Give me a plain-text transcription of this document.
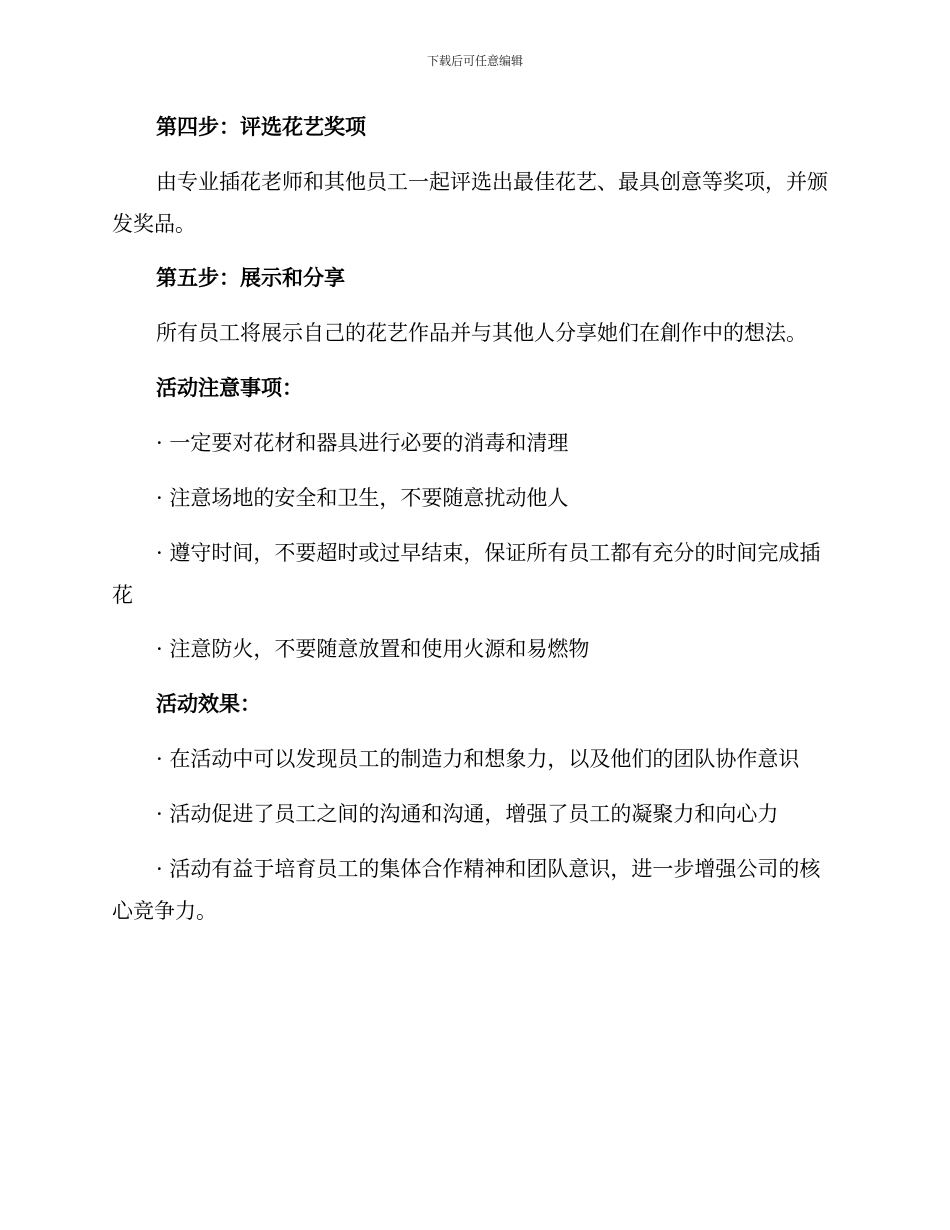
下载后可任意编辑
第四步：评选花艺奖项
由专业插花老师和其他员工一起评选出最佳花艺、最具创意等奖项，并颁发奖品。
第五步：展示和分享
所有员工将展示自己的花艺作品并与其他人分享她们在創作中的想法。
活动注意事项：
· 一定要对花材和器具进行必要的消毒和清理
· 注意场地的安全和卫生，不要随意扰动他人
· 遵守时间，不要超时或过早结束，保证所有员工都有充分的时间完成插花
· 注意防火，不要随意放置和使用火源和易燃物
活动效果：
· 在活动中可以发现员工的制造力和想象力，以及他们的团队协作意识
· 活动促进了员工之间的沟通和沟通，增强了员工的凝聚力和向心力
· 活动有益于培育员工的集体合作精神和团队意识，进一步增强公司的核心竞争力。
